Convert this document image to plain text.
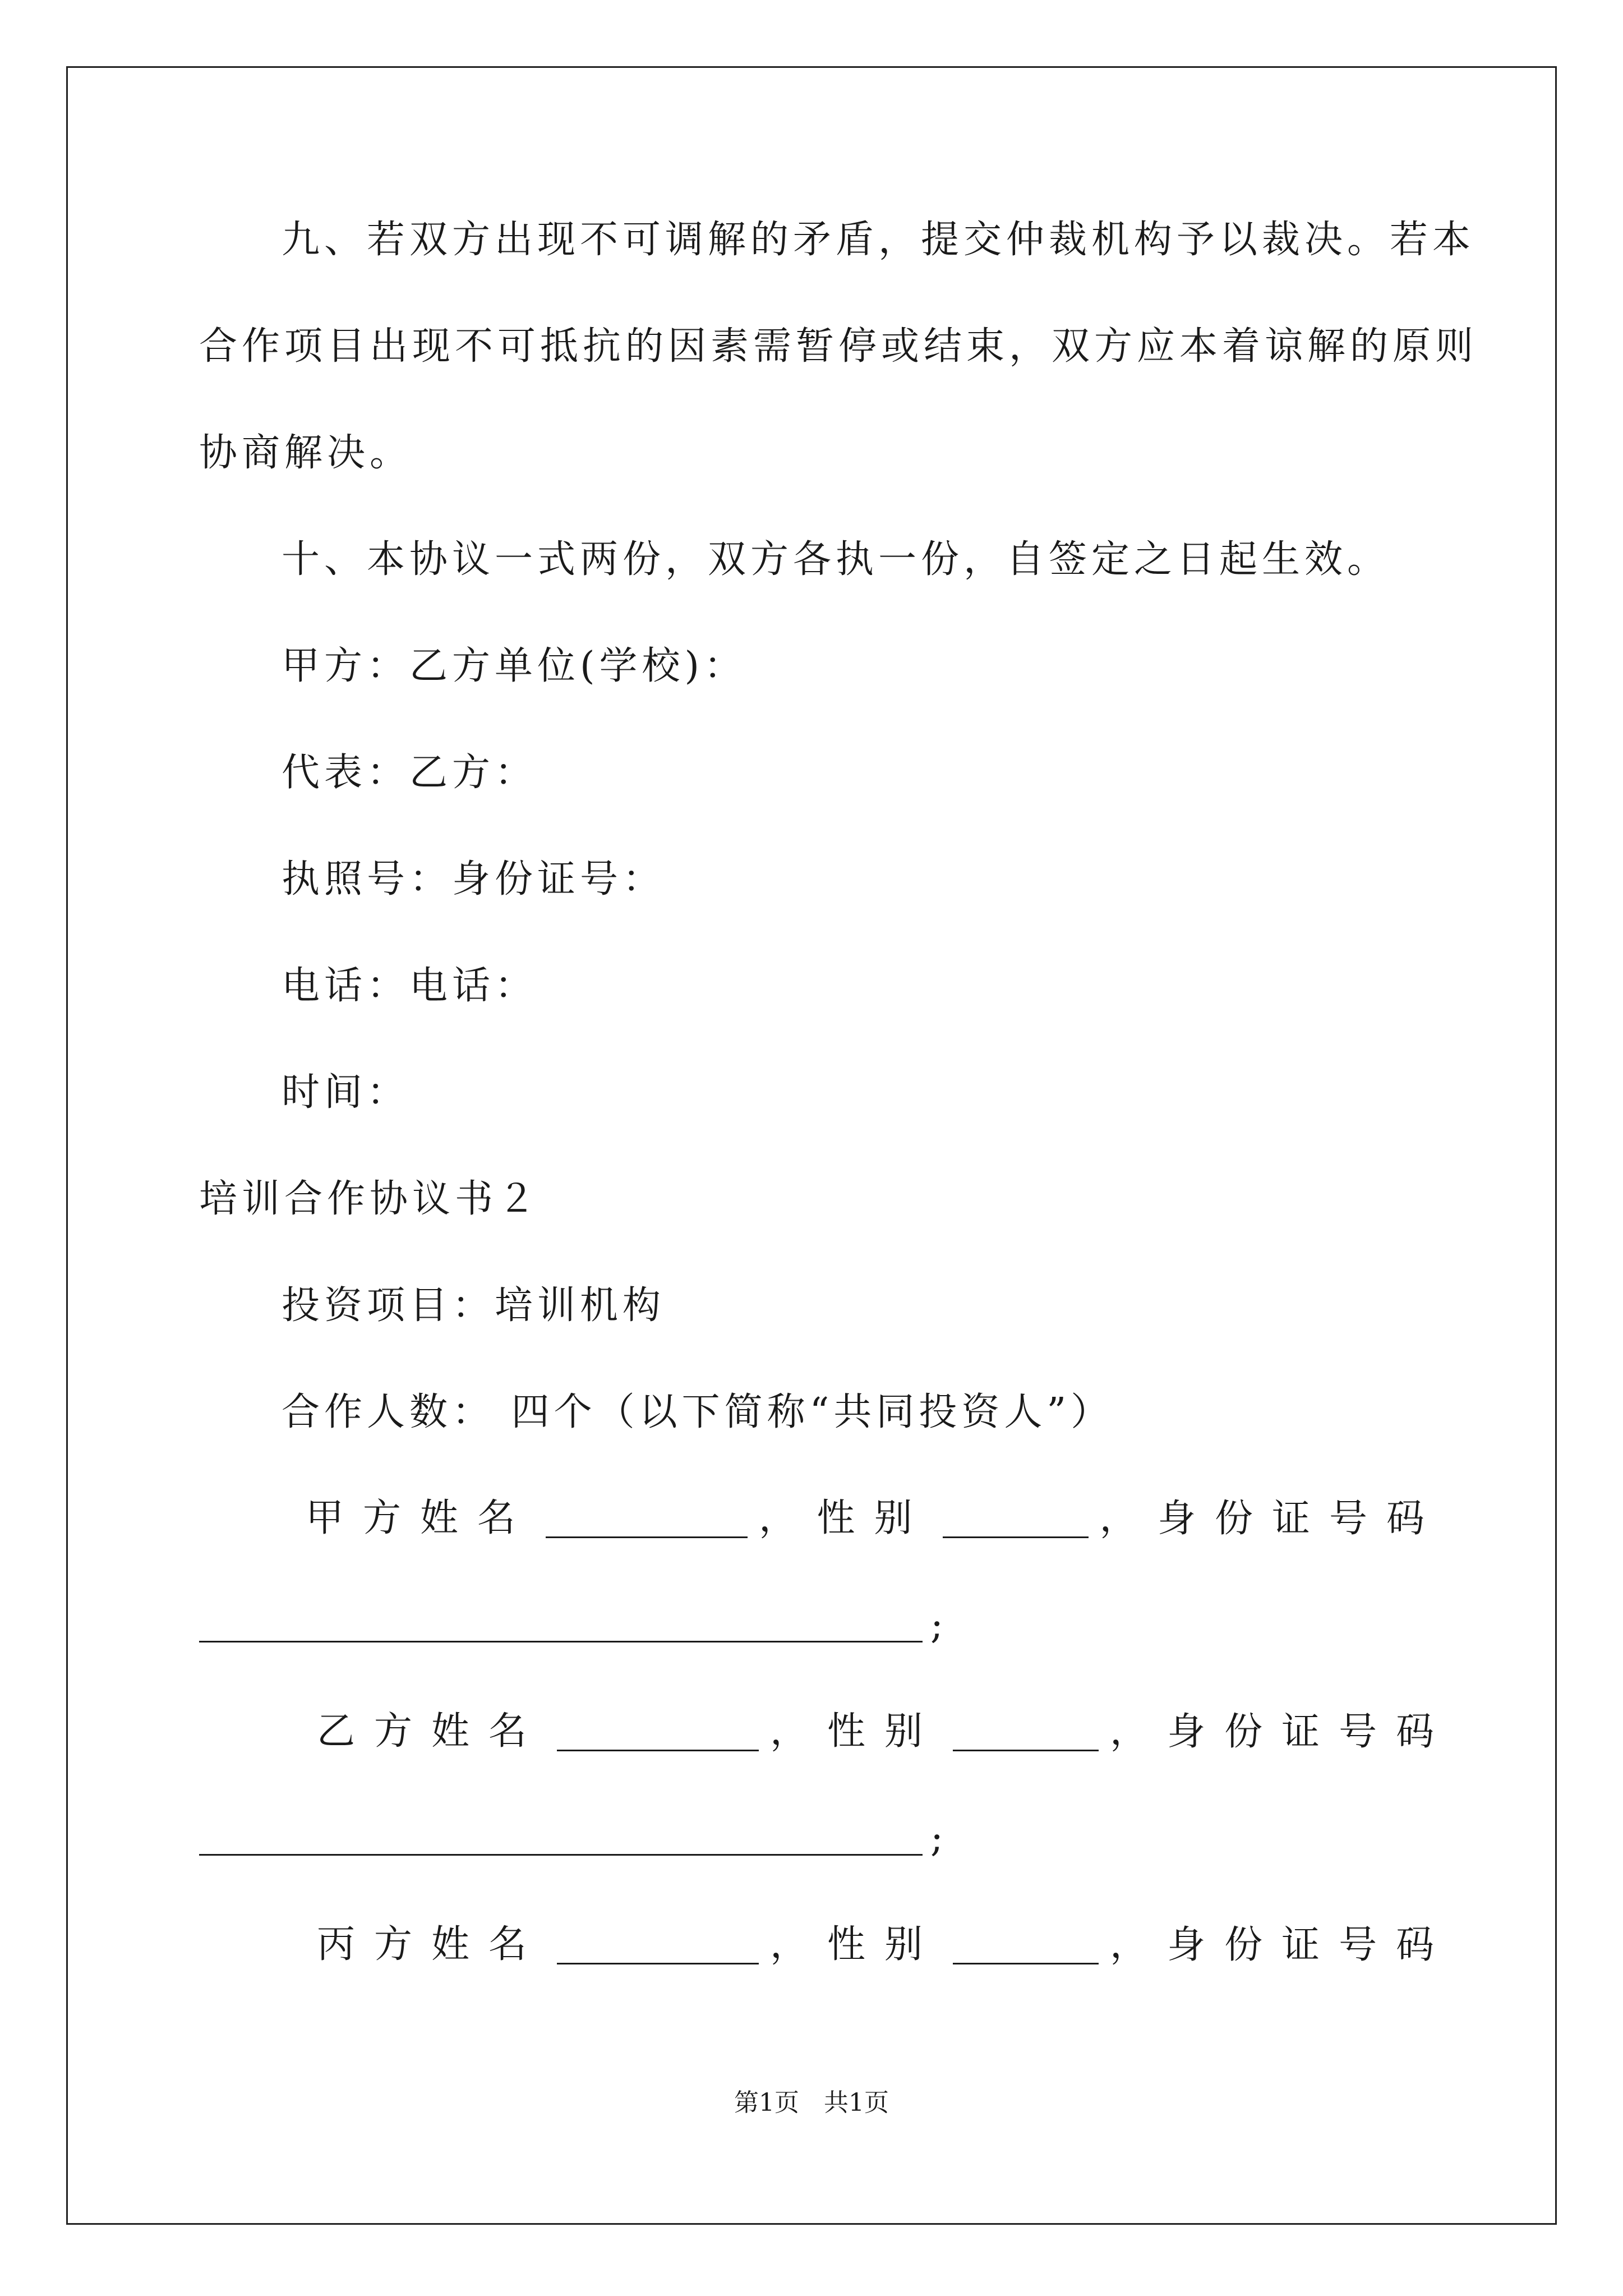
九、若双方出现不可调解的矛盾，提交仲裁机构予以裁决。若本
合作项目出现不可抵抗的因素需暂停或结束，双方应本着谅解的原则
协商解决。
十、本协议一式两份，双方各执一份，自签定之日起生效。
甲方：乙方单位(学校)：
代表：乙方：
执照号：身份证号：
电话：电话：
时间：
培训合作协议书２
投资项目：培训机构
合作人数： 四个（以下简称“共同投资人”）
甲方姓名	， 性别	， 身份证号码
;
乙方姓名	， 性别	， 身份证号码
;
丙方姓名	， 性别	， 身份证号码
第1页　共1页
